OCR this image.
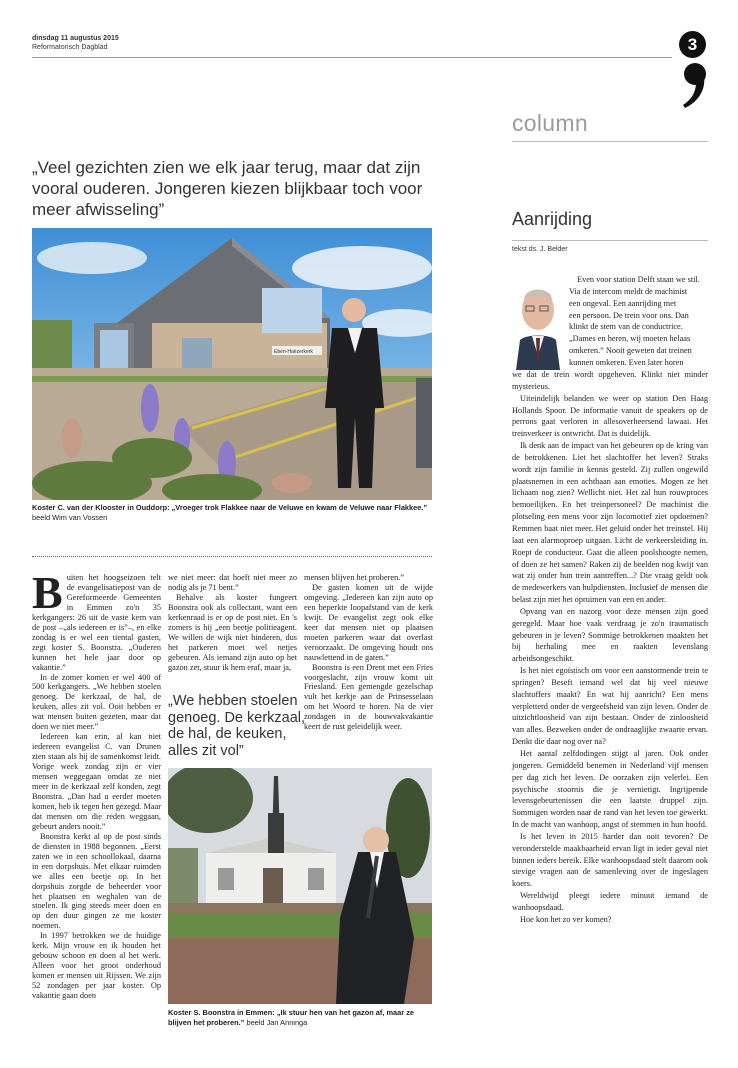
dinsdag 11 augustus 2015
Reformatorisch Dagblad	3
column
„Veel gezichten zien we elk jaar terug, maar dat zijn vooral ouderen. Jongeren kiezen blijkbaar toch voor meer afwisseling”	Aanrijding
tekst ds. J. Belder
Eben-Haëzerkerk
Koster C. van der Klooster in Ouddorp: „Vroeger trok Flakkee naar de Veluwe en kwam de Veluwe naar Flakkee.” beeld Wim van Vossen
B uiten het hoogseizoen telt de evangelisatiepost van de Gereformeerde Gemeenten in Emmen zo'n 35 kerkgangers: 26 uit de vaste kern van de post –„als iedereen er is”–, en elke zondag is er wel een tiental gasten, zegt koster S. Boonstra. „Ouderen kunnen het hele jaar door op vakantie.”

In de zomer komen er wel 400 of 500 kerkgangers. „We hebben stoelen genoeg. De kerkzaal, de hal, de keuken, alles zit vol. Ooit hebben er wat mensen buiten gezeten, maar dat doen we niet meer.”

Iedereen kan erin, al kan niet iedereen evangelist C. van Drunen zien staan als hij de samenkomst leidt. Vorige week zondag zijn er vier mensen weggegaan omdat ze niet meer in de kerkzaal zelf konden, zegt Boonstra. „Dan had u eerder moeten komen, heb ik tegen hen gezegd. Maar dat mensen om die reden weggaan, gebeurt anders nooit.”

Boonstra kerkt al op de post sinds de diensten in 1988 begonnen. „Eerst zaten we in een schoollokaal, daarna in een dorpshuis. Met elkaar ruimden we alles een beetje op. In het dorpshuis zorgde de beheerder voor het plaatsen en weghalen van de stoelen. Ik ging steeds meer doen en op den duur gingen ze me koster noemen.

In 1997 betrokken we de huidige kerk. Mijn vrouw en ik houden het gebouw schoon en doen al het werk. Alleen voor het groot onderhoud komen er mensen uit Rijssen. We zijn 52 zondagen per jaar koster. Op vakantie gaan doen

we niet meer: dat hoeft niet meer zo nodig als je 71 bent.”

Behalve als koster fungeert Boonstra ook als collectant, want een kerkenraad is er op de post niet. En 's zomers is hij „een beetje politieagent. We willen de wijk niet hinderen, dus het parkeren moet wel netjes gebeuren. Als iemand zijn auto op het gazon zet, stuur ik hem eraf, maar ja,

mensen blijven het proberen.”

De gasten komen uit de wijde omgeving. „Iedereen kan zijn auto op een beperkte loopafstand van de kerk kwijt. De evangelist zegt ook elke keer dat mensen niet op plaatsen moeten parkeren waar dat overlast veroorzaakt. De omgeving houdt ons nauwlettend in de gaten.”

Boonstra is een Drent met een Fries voorgeslacht, zijn vrouw komt uit Friesland. Een gemengde gezelschap vult het kerkje aan de Prinsesselaan om het Woord te horen. Na de vier zondagen in de bouwvakvakantie keert de rust geleidelijk weer.

„We hebben stoelen genoeg. De kerkzaal, de hal, de keuken, alles zit vol”
Koster S. Boonstra in Emmen: „Ik stuur hen van het gazon af, maar ze blijven het proberen.” beeld Jan Anninga
Even voor station Delft staan we stil.
Via de intercom meldt de machinist
een ongeval. Een aanrijding met
een persoon. De trein voor ons. Dan
klinkt de stem van de conductrice.
„Dames en heren, wij moeten helaas
omkeren.” Nooit geweten dat treinen
kunnen omkeren. Even later horen

we dat de trein wordt opgeheven. Klinkt niet minder mysterieus.

Uiteindelijk belanden we weer op station Den Haag Hollands Spoor. De informatie vanuit de speakers op de perrons gaat verloren in allesoverheersend lawaai. Het treinverkeer is ontwricht. Dat is duidelijk.

Ik denk aan de impact van het gebeuren op de kring van de betrokkenen. Liet het slachtoffer het leven? Straks wordt zijn familie in kennis gesteld. Zij zullen ongewild plaatsnemen in een achtbaan aan emoties. Mogen ze het lichaam nog zien? Wellicht niet. Het zal hun rouwproces bemoeilijken. En het treinpersoneel? De machinist die plotseling een mens voor zijn locomotief ziet opdoemen? Remmen baat niet meer. Het geluid onder het treinstel. Hij laat een alarmoproep uitgaan. Licht de verkeersleiding in. Roept de conducteur. Gaat die alleen poolshoogte nemen, of doen ze het samen? Raken zij de beelden nog kwijt van wat zij onder hun trein aantreffen...? Die vraag geldt ook de medewerkers van hulpdiensten. Inclusief de mensen die belast zijn met het opruimen van een en ander.

Opvang van en nazorg voor deze mensen zijn goed geregeld. Maar hoe vaak verdraag je zo'n traumatisch gebeuren in je leven? Sommige betrokkenen maakten het bij herhaling mee en raakten levenslang arbeidsongeschikt.

Is het niet egoïstisch om voor een aanstormende trein te springen? Beseft iemand wel dat hij veel nieuwe slachtoffers maakt? En wat hij aanricht? Een mens verpletterd onder de vergeefsheid van zijn leven. Onder de uitzichtloosheid van zijn bestaan. Onder de zinloosheid van alles. Bezweken onder de ondraaglijke zwaarte ervan. Denkt die daar nog over na?

Het aantal zelfdodingen stijgt al jaren. Ook onder jongeren. Gemiddeld benemen in Nederland vijf mensen per dag zich het leven. De oorzaken zijn velerlei. Een psychische stoornis die je vernietigt. Ingrijpende levensgebeurtenissen die een laatste druppel zijn. Sommigen worden naar de rand van het leven toe gewerkt. In de macht van wanhoop, angst of stemmen in hun hoofd.

Is het leven in 2015 harder dan ooit tevoren? De veronderstelde maakbaarheid ervan ligt in ieder geval niet binnen ieders bereik. Elke wanhoopsdaad stelt daarom ook stevige vragen aan de samenleving over de ingeslagen koers.

Wereldwijd pleegt iedere minuut iemand de wanhoopsdaad.

Hoe kon het zo ver komen?
